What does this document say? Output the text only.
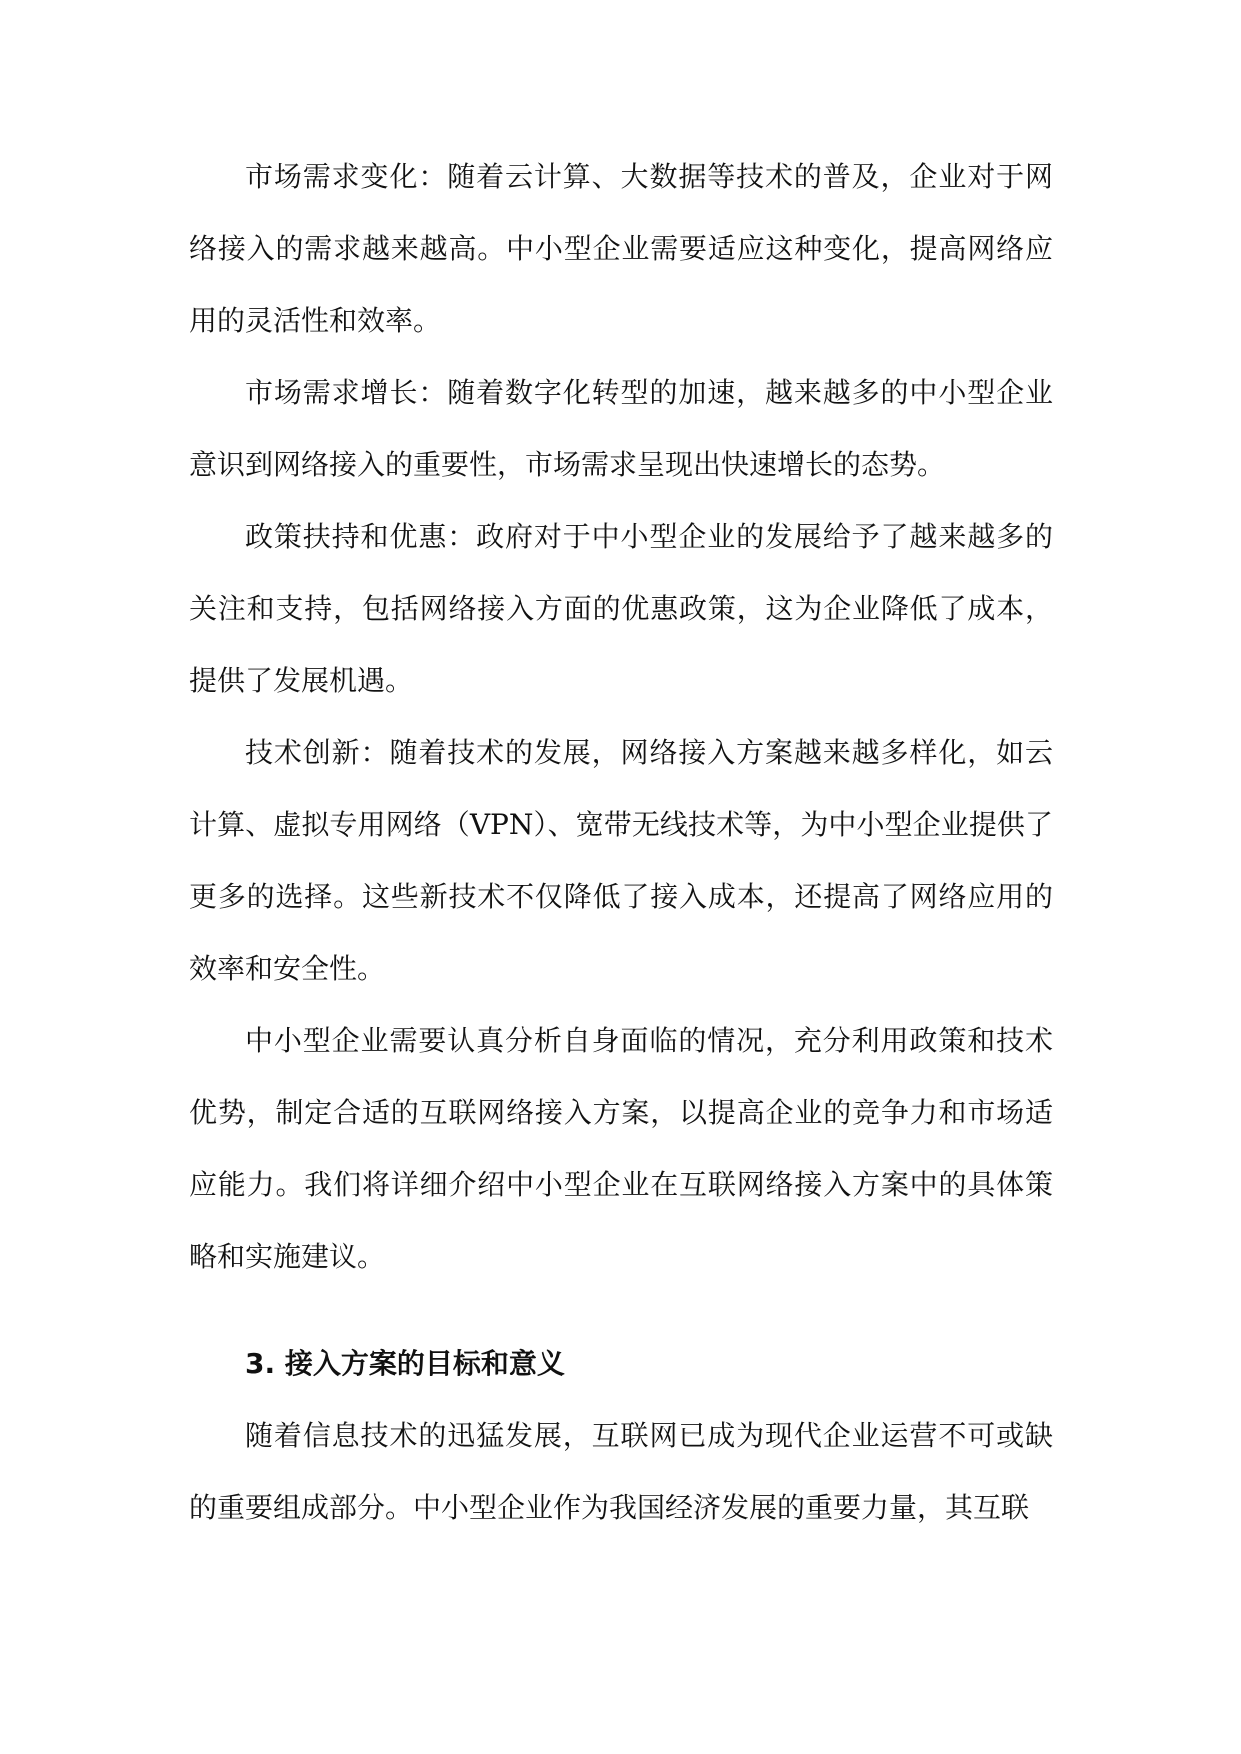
市场需求变化：随着云计算、大数据等技术的普及，企业对于网络接入的需求越来越高。中小型企业需要适应这种变化，提高网络应用的灵活性和效率。

市场需求增长：随着数字化转型的加速，越来越多的中小型企业意识到网络接入的重要性，市场需求呈现出快速增长的态势。

政策扶持和优惠：政府对于中小型企业的发展给予了越来越多的关注和支持，包括网络接入方面的优惠政策，这为企业降低了成本，提供了发展机遇。

技术创新：随着技术的发展，网络接入方案越来越多样化，如云计算、虚拟专用网络（VPN）、宽带无线技术等，为中小型企业提供了更多的选择。这些新技术不仅降低了接入成本，还提高了网络应用的效率和安全性。

中小型企业需要认真分析自身面临的情况，充分利用政策和技术优势，制定合适的互联网络接入方案，以提高企业的竞争力和市场适应能力。我们将详细介绍中小型企业在互联网络接入方案中的具体策略和实施建议。

3. 接入方案的目标和意义

随着信息技术的迅猛发展，互联网已成为现代企业运营不可或缺的重要组成部分。中小型企业作为我国经济发展的重要力量，其互联
